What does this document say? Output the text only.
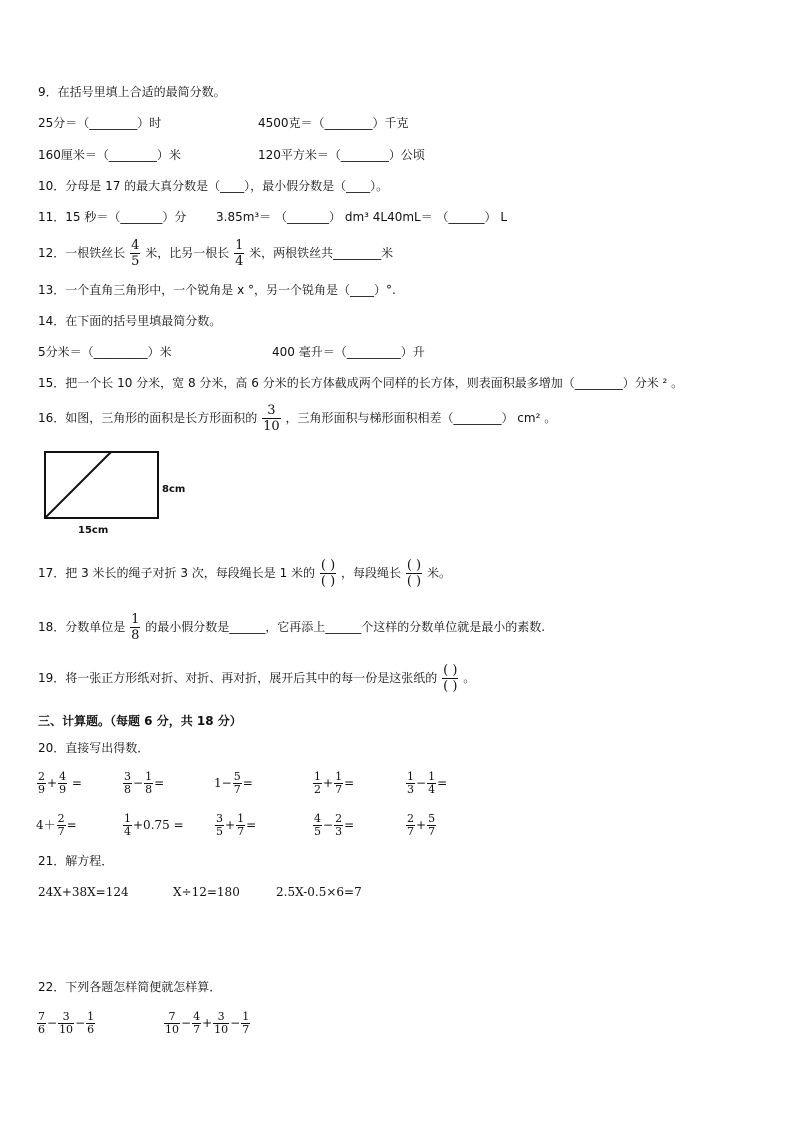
9．在括号里填上合适的最简分数。
25分＝（________）时	4500克＝（________）千克
160厘米＝（________）米	120平方米＝（________）公顷
10．分母是 17 的最大真分数是（____），最小假分数是（____）。
11．15 秒＝（_______）分 3.85m³＝ （_______） dm³ 4L40mL＝ （______） L
12．一根铁丝长 $\frac{4}{5}$ 米，比另一根长 $\frac{1}{4}$ 米，两根铁丝共________米
13．一个直角三角形中，一个锐角是 x °，另一个锐角是（____）°.
14．在下面的括号里填最简分数。
5分米＝（_________）米	400 毫升＝（_________）升
15．把一个长 10 分米，宽 8 分米，高 6 分米的长方体截成两个同样的长方体，则表面积最多增加（________）分米 ² 。
16．如图，三角形的面积是长方形面积的 $\frac{3}{10}$ ，三角形面积与梯形面积相差（________） cm² 。
8cm
15cm
17．把 3 米长的绳子对折 3 次，每段绳长是 1 米的 $\frac{( )}{( )}$ ，每段绳长 $\frac{( )}{( )}$ 米。
18．分数单位是 $\frac{1}{8}$ 的最小假分数是______，它再添上______个这样的分数单位就是最小的素数.
19．将一张正方形纸对折、对折、再对折，展开后其中的每一份是这张纸的 $\frac{( )}{( )}$ 。
三、计算题。（每题 6 分，共 18 分）
20．直接写出得数．
$\frac{2}{9} + \frac{4}{9}$ =	$\frac{3}{8} - \frac{1}{8}$ =	$1- \frac{5}{7}$ =	$\frac{1}{2} + \frac{1}{7}$ =	$\frac{1}{3} - \frac{1}{4}$ =
$4+ \frac{2}{7}$ =	$\frac{1}{4} +0.75$ =	$\frac{3}{5} + \frac{1}{7}$ =	$\frac{4}{5} - \frac{2}{3}$ =	$\frac{2}{7} + \frac{5}{7}$
21．解方程．
24X+38X=124	X÷12=180	2.5X-0.5×6=7
22．下列各题怎样简便就怎样算．
$\frac{7}{6} - \frac{3}{10} - \frac{1}{6}$	$\frac{7}{10} - \frac{4}{7} + \frac{3}{10} - \frac{1}{7}$
